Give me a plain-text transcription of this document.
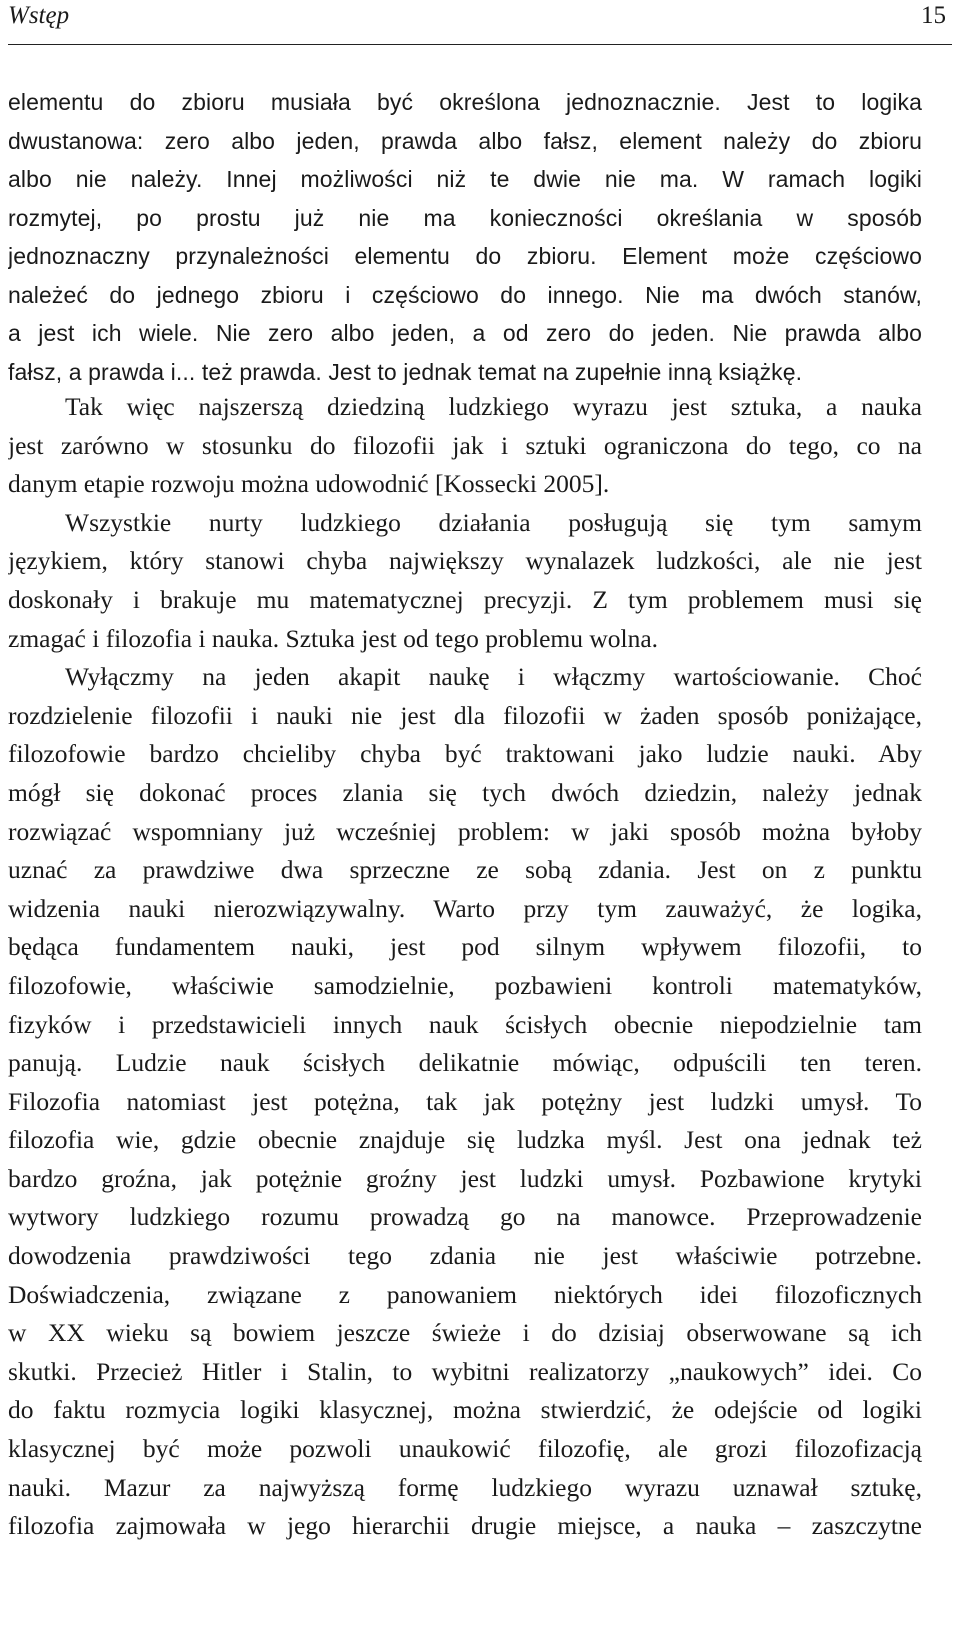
Wstęp	15
elementu do zbioru musiała być określona jednoznacznie. Jest to logika
dwustanowa: zero albo jeden, prawda albo fałsz, element należy do zbioru
albo nie należy. Innej możliwości niż te dwie nie ma. W ramach logiki
rozmytej, po prostu już nie ma konieczności określania w sposób
jednoznaczny przynależności elementu do zbioru. Element może częściowo
należeć do jednego zbioru i częściowo do innego. Nie ma dwóch stanów,
a jest ich wiele. Nie zero albo jeden, a od zero do jeden. Nie prawda albo
fałsz, a prawda i... też prawda. Jest to jednak temat na zupełnie inną książkę.
Tak więc najszerszą dziedziną ludzkiego wyrazu jest sztuka, a nauka
jest zarówno w stosunku do filozofii jak i sztuki ograniczona do tego, co na
danym etapie rozwoju można udowodnić [Kossecki 2005].
Wszystkie nurty ludzkiego działania posługują się tym samym
językiem, który stanowi chyba największy wynalazek ludzkości, ale nie jest
doskonały i brakuje mu matematycznej precyzji. Z tym problemem musi się
zmagać i filozofia i nauka. Sztuka jest od tego problemu wolna.
Wyłączmy na jeden akapit naukę i włączmy wartościowanie. Choć
rozdzielenie filozofii i nauki nie jest dla filozofii w żaden sposób poniżające,
filozofowie bardzo chcieliby chyba być traktowani jako ludzie nauki. Aby
mógł się dokonać proces zlania się tych dwóch dziedzin, należy jednak
rozwiązać wspomniany już wcześniej problem: w jaki sposób można byłoby
uznać za prawdziwe dwa sprzeczne ze sobą zdania. Jest on z punktu
widzenia nauki nierozwiązywalny. Warto przy tym zauważyć, że logika,
będąca fundamentem nauki, jest pod silnym wpływem filozofii, to
filozofowie, właściwie samodzielnie, pozbawieni kontroli matematyków,
fizyków i przedstawicieli innych nauk ścisłych obecnie niepodzielnie tam
panują. Ludzie nauk ścisłych delikatnie mówiąc, odpuścili ten teren.
Filozofia natomiast jest potężna, tak jak potężny jest ludzki umysł. To
filozofia wie, gdzie obecnie znajduje się ludzka myśl. Jest ona jednak też
bardzo groźna, jak potężnie groźny jest ludzki umysł. Pozbawione krytyki
wytwory ludzkiego rozumu prowadzą go na manowce. Przeprowadzenie
dowodzenia prawdziwości tego zdania nie jest właściwie potrzebne.
Doświadczenia, związane z panowaniem niektórych idei filozoficznych
w XX wieku są bowiem jeszcze świeże i do dzisiaj obserwowane są ich
skutki. Przecież Hitler i Stalin, to wybitni realizatorzy „naukowych” idei. Co
do faktu rozmycia logiki klasycznej, można stwierdzić, że odejście od logiki
klasycznej być może pozwoli unaukowić filozofię, ale grozi filozofizacją
nauki. Mazur za najwyższą formę ludzkiego wyrazu uznawał sztukę,
filozofia zajmowała w jego hierarchii drugie miejsce, a nauka – zaszczytne
